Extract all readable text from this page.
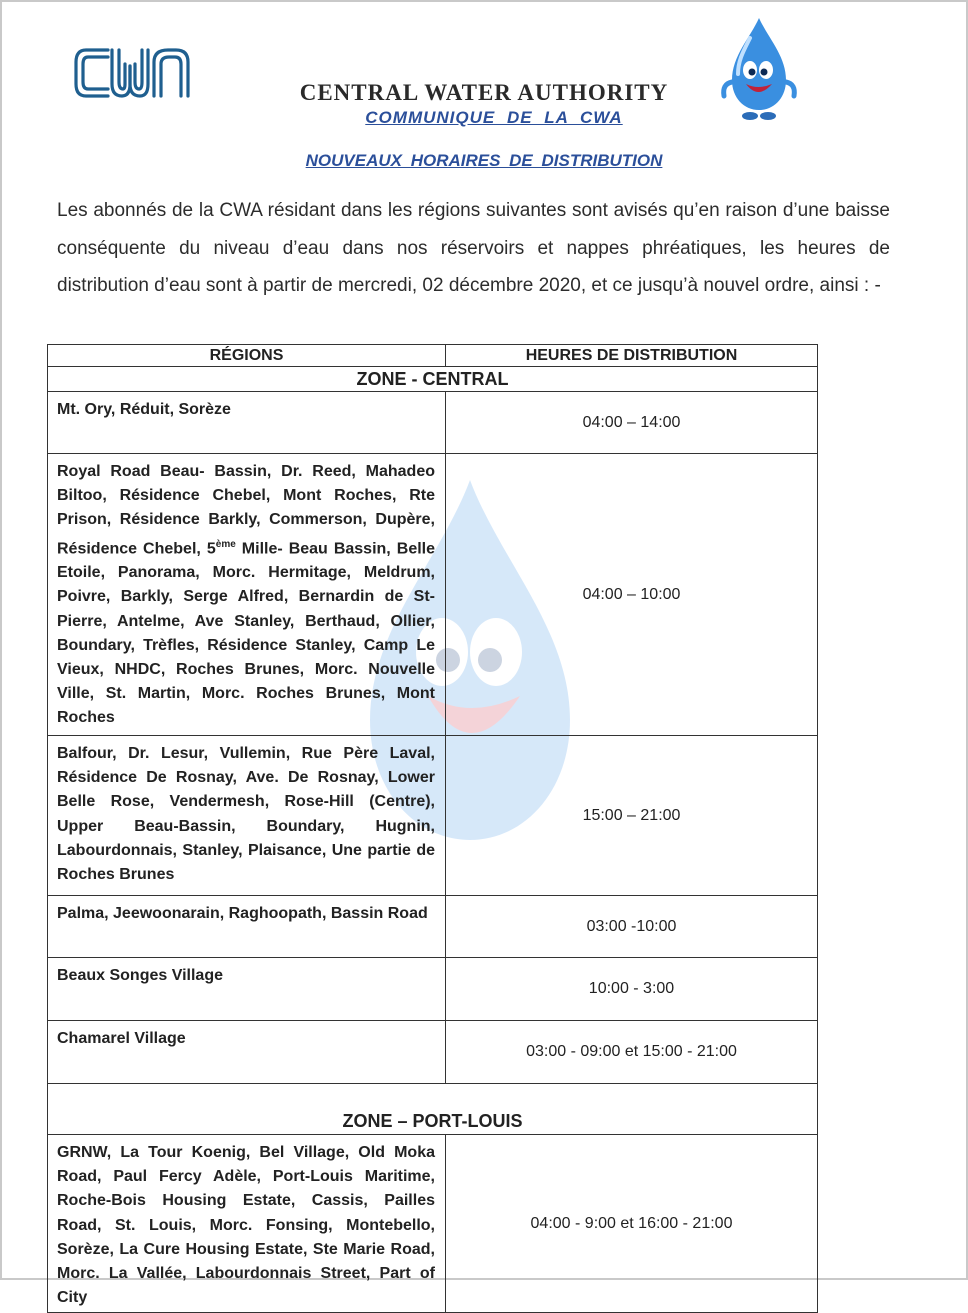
CENTRAL WATER AUTHORITY
COMMUNIQUE DE LA CWA
NOUVEAUX HORAIRES DE DISTRIBUTION
Les abonnés de la CWA résidant dans les régions suivantes sont avisés qu’en raison d’une baisse conséquente du niveau d’eau dans nos réservoirs et nappes phréatiques, les heures de distribution d’eau sont à partir de mercredi, 02 décembre 2020, et ce jusqu’à nouvel ordre, ainsi : -
RÉGIONS	HEURES DE DISTRIBUTION
ZONE - CENTRAL	
Mt. Ory, Réduit, Sorèze	04:00 – 14:00
Royal Road Beau- Bassin, Dr. Reed, Mahadeo Biltoo, Résidence Chebel, Mont Roches, Rte Prison, Résidence Barkly, Commerson, Dupère, Résidence Chebel, 5ème Mille- Beau Bassin, Belle Etoile, Panorama, Morc. Hermitage, Meldrum, Poivre, Barkly, Serge Alfred, Bernardin de St-Pierre, Antelme, Ave Stanley, Berthaud, Ollier, Boundary, Trèfles, Résidence Stanley, Camp Le Vieux, NHDC, Roches Brunes, Morc. Nouvelle Ville, St. Martin, Morc. Roches Brunes, Mont Roches	04:00 – 10:00
Balfour, Dr. Lesur, Vullemin, Rue Père Laval, Résidence De Rosnay, Ave. De Rosnay, Lower Belle Rose, Vendermesh, Rose-Hill (Centre), Upper Beau-Bassin, Boundary, Hugnin, Labourdonnais, Stanley, Plaisance, Une partie de Roches Brunes	15:00 – 21:00
Palma, Jeewoonarain, Raghoopath, Bassin Road	03:00 -10:00
Beaux Songes Village	10:00 - 3:00
Chamarel Village	03:00 - 09:00 et 15:00 - 21:00
ZONE – PORT-LOUIS	
GRNW, La Tour Koenig, Bel Village, Old Moka Road, Paul Fercy Adèle, Port-Louis Maritime, Roche-Bois Housing Estate, Cassis, Pailles Road, St. Louis, Morc. Fonsing, Montebello, Sorèze, La Cure Housing Estate, Ste Marie Road, Morc. La Vallée, Labourdonnais Street, Part of City	04:00 - 9:00 et 16:00 - 21:00
